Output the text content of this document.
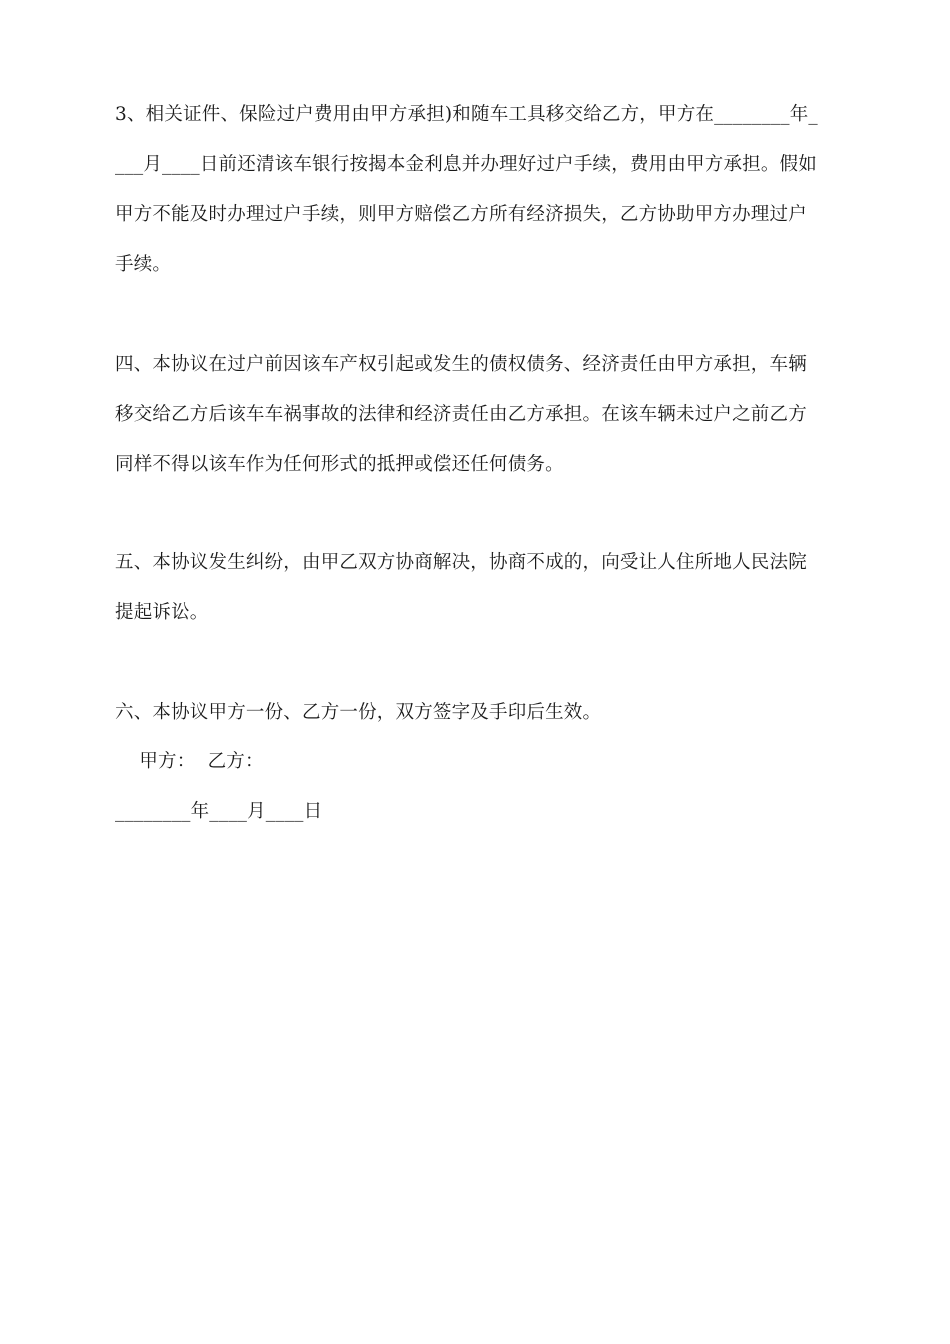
3、相关证件、保险过户费用由甲方承担)和随车工具移交给乙方，甲方在________年_
___月____日前还清该车银行按揭本金利息并办理好过户手续，费用由甲方承担。假如
甲方不能及时办理过户手续，则甲方赔偿乙方所有经济损失，乙方协助甲方办理过户
手续。
四、本协议在过户前因该车产权引起或发生的债权债务、经济责任由甲方承担，车辆
移交给乙方后该车车祸事故的法律和经济责任由乙方承担。在该车辆未过户之前乙方
同样不得以该车作为任何形式的抵押或偿还任何债务。
五、本协议发生纠纷，由甲乙双方协商解决，协商不成的，向受让人住所地人民法院
提起诉讼。
六、本协议甲方一份、乙方一份，双方签字及手印后生效。
甲方：  乙方：
________年____月____日
